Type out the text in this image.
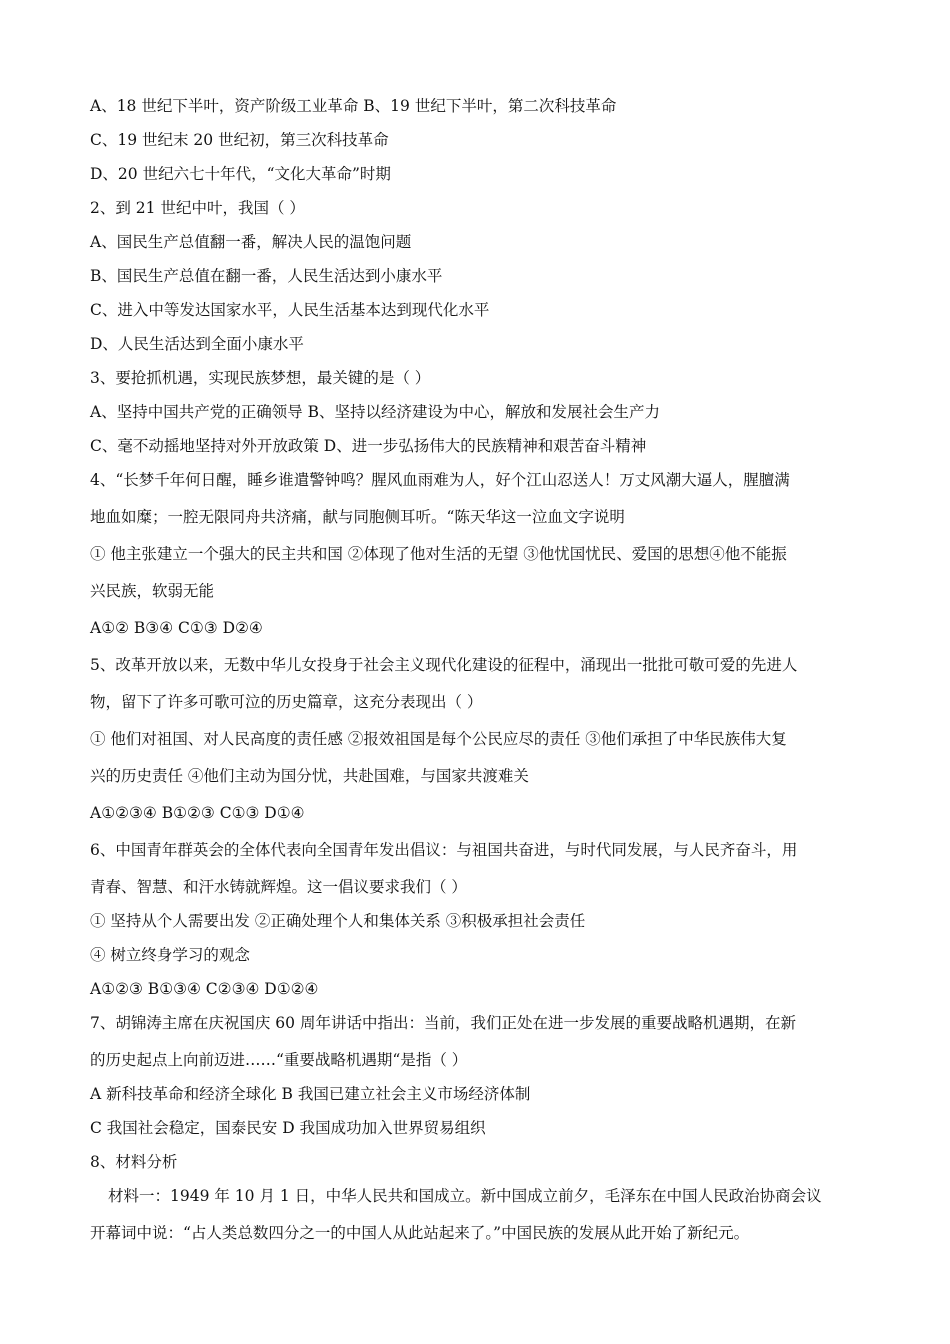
A、18 世纪下半叶，资产阶级工业革命 B、19 世纪下半叶，第二次科技革命

C、19 世纪末 20 世纪初，第三次科技革命

D、20 世纪六七十年代，“文化大革命”时期

2、到 21 世纪中叶，我国（ ）

A、国民生产总值翻一番，解决人民的温饱问题

B、国民生产总值在翻一番，人民生活达到小康水平

C、进入中等发达国家水平，人民生活基本达到现代化水平

D、人民生活达到全面小康水平

3、要抢抓机遇，实现民族梦想，最关键的是（ ）

A、坚持中国共产党的正确领导 B、坚持以经济建设为中心，解放和发展社会生产力

C、毫不动摇地坚持对外开放政策 D、进一步弘扬伟大的民族精神和艰苦奋斗精神

4、“长梦千年何日醒，睡乡谁遣警钟鸣？腥风血雨难为人，好个江山忍送人！万丈风潮大逼人，腥膻满

地血如糜；一腔无限同舟共济痛，献与同胞侧耳听。“陈天华这一泣血文字说明

① 他主张建立一个强大的民主共和国 ②体现了他对生活的无望 ③他忧国忧民、爱国的思想④他不能振

兴民族，软弱无能

A①② B③④ C①③ D②④

5、改革开放以来，无数中华儿女投身于社会主义现代化建设的征程中，涌现出一批批可敬可爱的先进人

物，留下了许多可歌可泣的历史篇章，这充分表现出（ ）

① 他们对祖国、对人民高度的责任感 ②报效祖国是每个公民应尽的责任 ③他们承担了中华民族伟大复

兴的历史责任 ④他们主动为国分忧，共赴国难，与国家共渡难关

A①②③④ B①②③ C①③ D①④

6、中国青年群英会的全体代表向全国青年发出倡议：与祖国共奋进，与时代同发展，与人民齐奋斗，用

青春、智慧、和汗水铸就辉煌。这一倡议要求我们（ ）

① 坚持从个人需要出发 ②正确处理个人和集体关系 ③积极承担社会责任

④ 树立终身学习的观念

A①②③ B①③④ C②③④ D①②④

7、胡锦涛主席在庆祝国庆 60 周年讲话中指出：当前，我们正处在进一步发展的重要战略机遇期，在新

的历史起点上向前迈进……“重要战略机遇期“是指（ ）

A 新科技革命和经济全球化 B 我国已建立社会主义市场经济体制

C 我国社会稳定，国泰民安 D 我国成功加入世界贸易组织

8、材料分析

材料一：1949 年 10 月 1 日，中华人民共和国成立。新中国成立前夕，毛泽东在中国人民政治协商会议

开幕词中说：“占人类总数四分之一的中国人从此站起来了。”中国民族的发展从此开始了新纪元。
